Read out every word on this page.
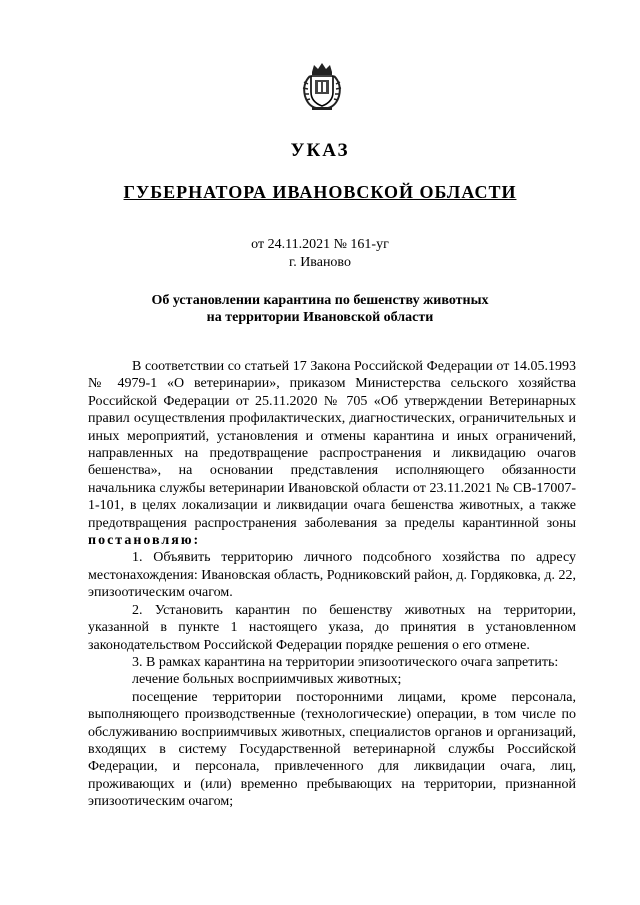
УКАЗ
ГУБЕРНАТОРА ИВАНОВСКОЙ ОБЛАСТИ
от 24.11.2021 № 161-уг
г. Иваново
Об установлении карантина по бешенству животных
на территории Ивановской области

В соответствии со статьей 17 Закона Российской Федерации от 14.05.1993 № 4979-1 «О ветеринарии», приказом Министерства сельского хозяйства Российской Федерации от 25.11.2020 № 705 «Об утверждении Ветеринарных правил осуществления профилактических, диагностических, ограничительных и иных мероприятий, установления и отмены карантина и иных ограничений, направленных на предотвращение распространения и ликвидацию очагов бешенства», на основании представления исполняющего обязанности начальника службы ветеринарии Ивановской области от 23.11.2021 № СВ-17007-1-101, в целях локализации и ликвидации очага бешенства животных, а также предотвращения распространения заболевания за пределы карантинной зоны постановляю:

1. Объявить территорию личного подсобного хозяйства по адресу местонахождения: Ивановская область, Родниковский район, д. Гордяковка, д. 22, эпизоотическим очагом.

2. Установить карантин по бешенству животных на территории, указанной в пункте 1 настоящего указа, до принятия в установленном законодательством Российской Федерации порядке решения о его отмене.

3. В рамках карантина на территории эпизоотического очага запретить:

лечение больных восприимчивых животных;

посещение территории посторонними лицами, кроме персонала, выполняющего производственные (технологические) операции, в том числе по обслуживанию восприимчивых животных, специалистов органов и организаций, входящих в систему Государственной ветеринарной службы Российской Федерации, и персонала, привлеченного для ликвидации очага, лиц, проживающих и (или) временно пребывающих на территории, признанной эпизоотическим очагом;
